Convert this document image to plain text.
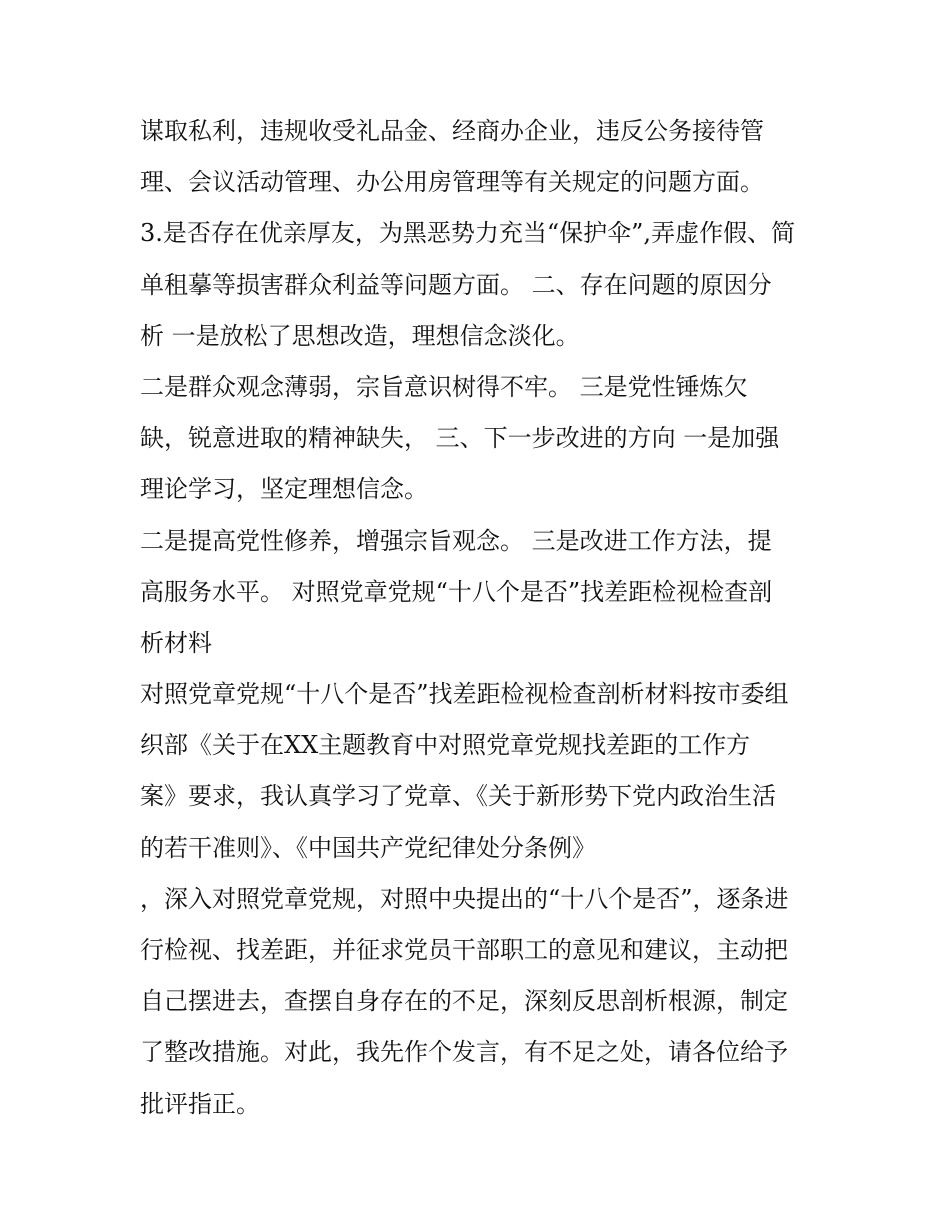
谋取私利，违规收受礼品金、经商办企业，违反公务接待管
理、会议活动管理、办公用房管理等有关规定的问题方面。
3.是否存在优亲厚友，为黑恶势力充当“保护伞”,弄虚作假、简
单租摹等损害群众利益等问题方面。 二、存在问题的原因分
析 一是放松了思想改造，理想信念淡化。
二是群众观念薄弱，宗旨意识树得不牢。 三是党性锤炼欠
缺，锐意进取的精神缺失， 三、下一步改进的方向 一是加强
理论学习，坚定理想信念。
二是提高党性修养，增强宗旨观念。 三是改进工作方法，提
高服务水平。 对照党章党规“十八个是否”找差距检视检查剖
析材料
对照党章党规“十八个是否”找差距检视检查剖析材料按市委组
织部《关于在XX主题教育中对照党章党规找差距的工作方
案》要求，我认真学习了党章、《关于新形势下党内政治生活
的若干准则》、《中国共产党纪律处分条例》
，深入对照党章党规，对照中央提出的“十八个是否”，逐条进
行检视、找差距，并征求党员干部职工的意见和建议，主动把
自己摆进去，查摆自身存在的不足，深刻反思剖析根源，制定
了整改措施。对此，我先作个发言，有不足之处，请各位给予
批评指正。
